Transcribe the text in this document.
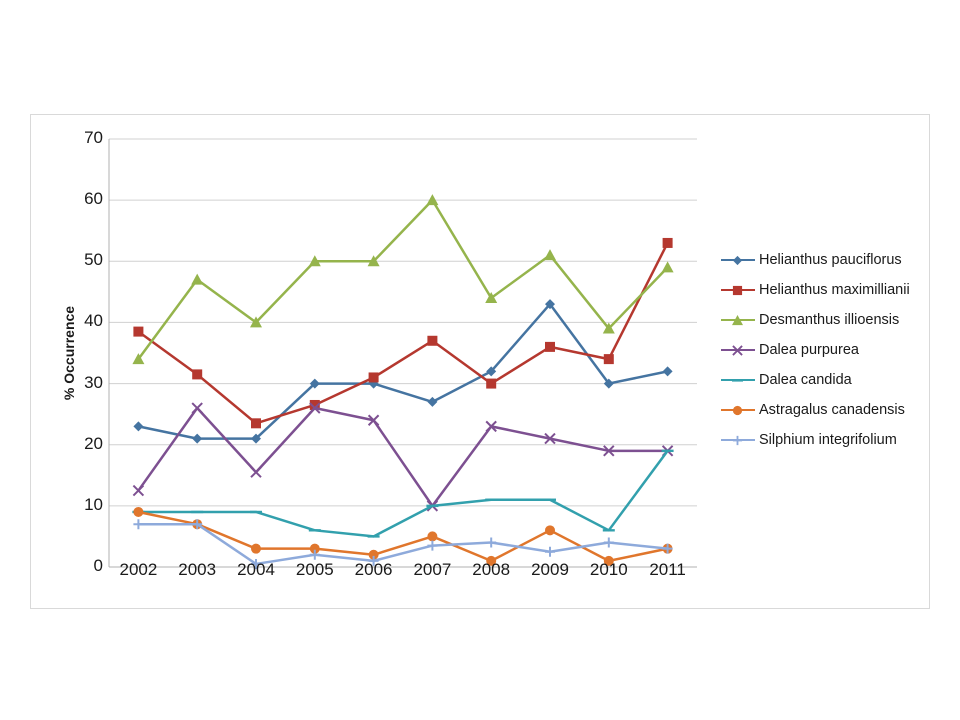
% Occurrence
0
10
20
30
40
50
60
70
2002	2003	2004	2005	2006	2007	2008	2009	2010	2011
Helianthus pauciflorus
Helianthus maximillianii
Desmanthus illioensis
Dalea purpurea
Dalea candida
Astragalus canadensis
Silphium integrifolium
